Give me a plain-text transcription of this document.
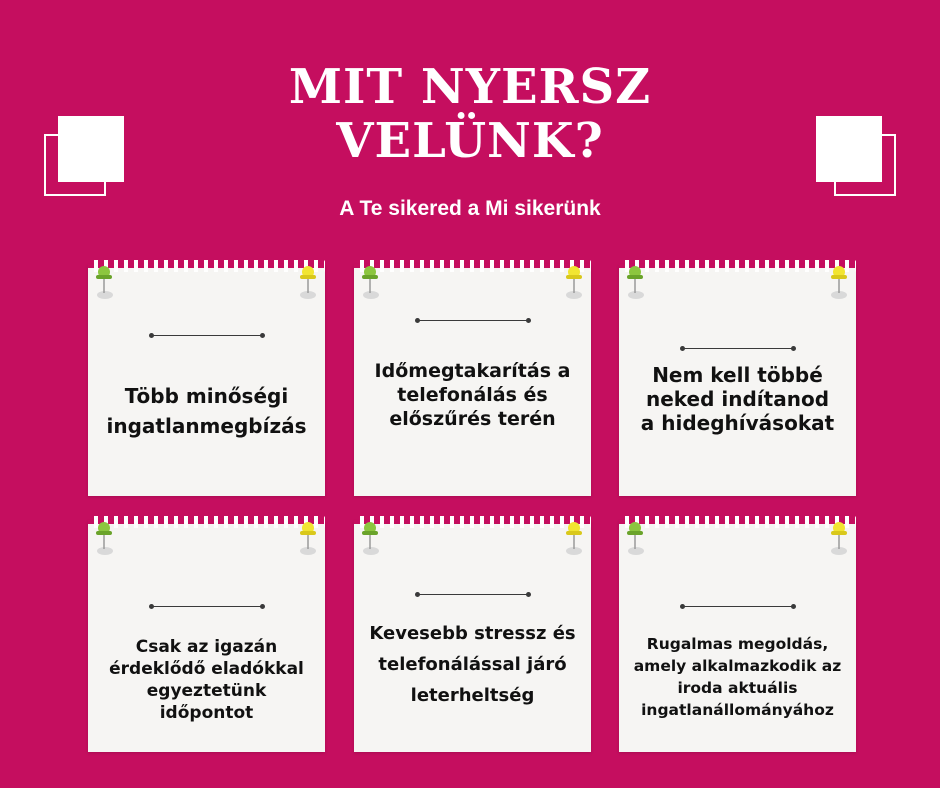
MIT NYERSZ
VELÜNK?

A Te sikered a Mi sikerünk

Több minőségi ingatlanmegbízás
Időmegtakarítás a telefonálás és előszűrés terén
Nem kell többé neked indítanod a hideghívásokat
Csak az igazán érdeklődő eladókkal egyeztetünk időpontot
Kevesebb stressz és telefonálással járó leterheltség
Rugalmas megoldás, amely alkalmazkodik az iroda aktuális ingatlanállományához
